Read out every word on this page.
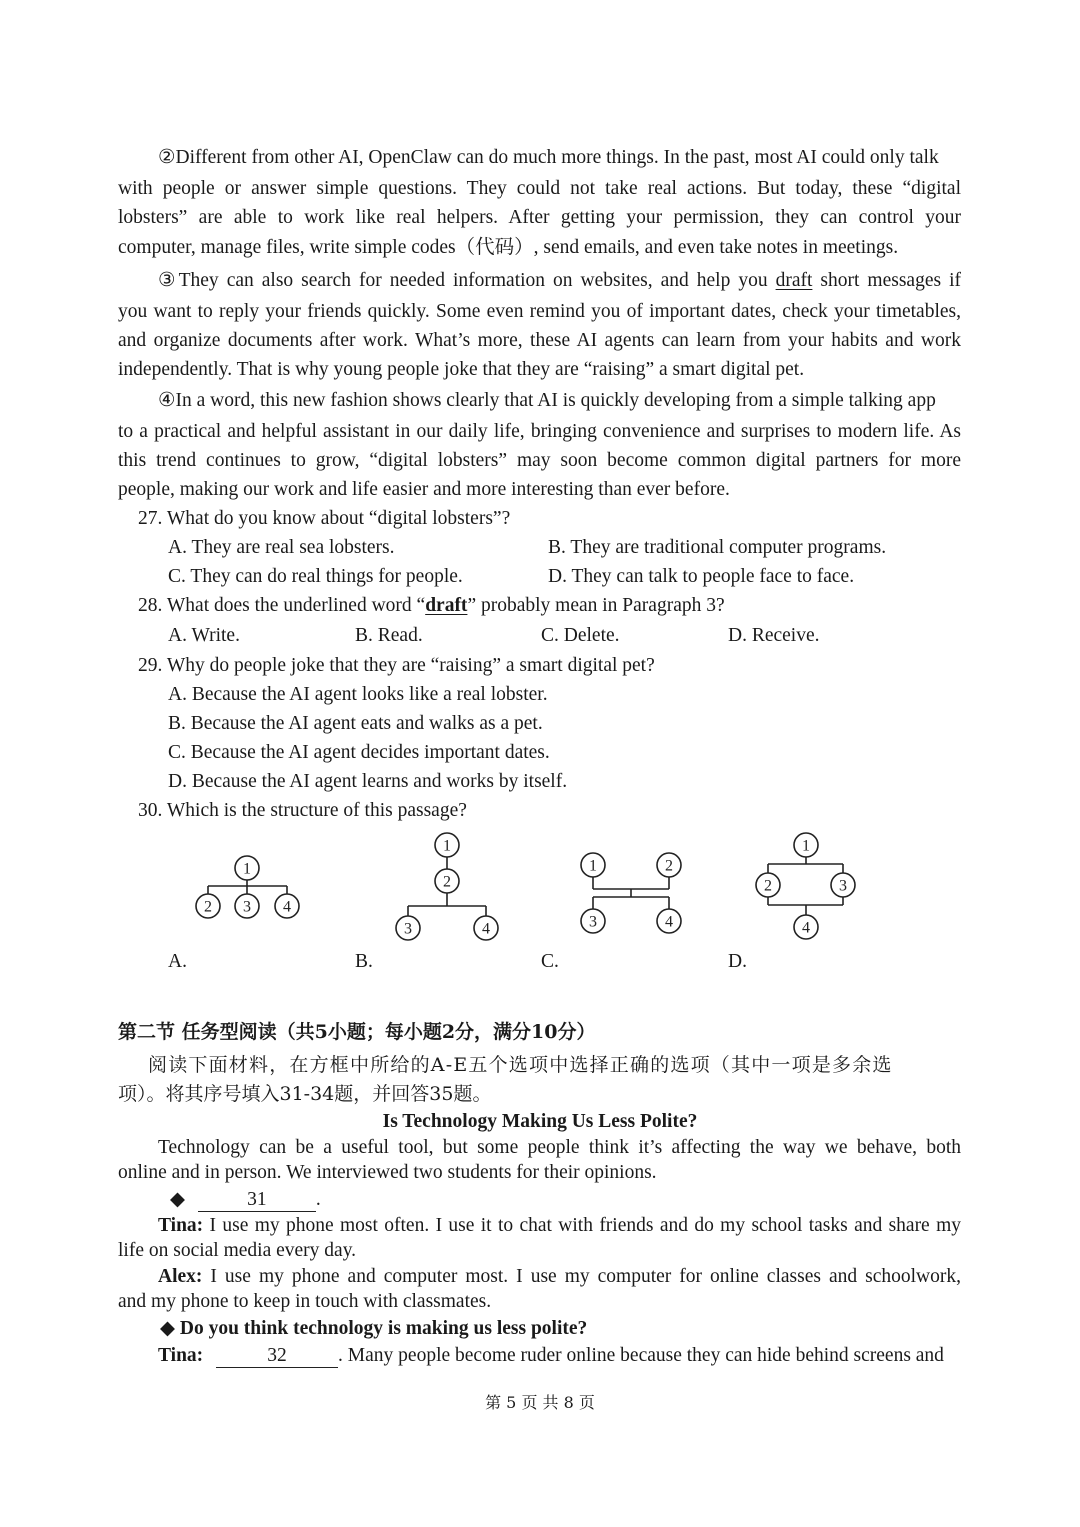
②Different from other AI, OpenClaw can do much more things. In the past, most AI could only talk
with people or answer simple questions. They could not take real actions. But today, these “digital
lobsters” are able to work like real helpers. After getting your permission, they can control your
computer, manage files, write simple codes（代码）, send emails, and even take notes in meetings.
③They can also search for needed information on websites, and help you draft short messages if
you want to reply your friends quickly. Some even remind you of important dates, check your timetables,
and organize documents after work. What’s more, these AI agents can learn from your habits and work
independently. That is why young people joke that they are “raising” a smart digital pet.
④In a word, this new fashion shows clearly that AI is quickly developing from a simple talking app
to a practical and helpful assistant in our daily life, bringing convenience and surprises to modern life. As
this trend continues to grow, “digital lobsters” may soon become common digital partners for more
people, making our work and life easier and more interesting than ever before.
27. What do you know about “digital lobsters”?
A. They are real sea lobsters.	B. They are traditional computer programs.
C. They can do real things for people.	D. They can talk to people face to face.
28. What does the underlined word “draft” probably mean in Paragraph 3?
A. Write.	B. Read.	C. Delete.	D. Receive.
29. Why do people joke that they are “raising” a smart digital pet?
A. Because the AI agent looks like a real lobster.
B. Because the AI agent eats and walks as a pet.
C. Because the AI agent decides important dates.
D. Because the AI agent learns and works by itself.
30. Which is the structure of this passage?
1
2 3 4
1
2
3	4
1	2
3	4
1
2	3
4
A.	B.	C.	D.
第二节 任务型阅读（共5小题；每小题2分，满分10分）
阅读下面材料，在方框中所给的A-E五个选项中选择正确的选项（其中一项是多余选
项）。将其序号填入31-34题，并回答35题。
Is Technology Making Us Less Polite?
Technology can be a useful tool, but some people think it’s affecting the way we behave, both
online and in person. We interviewed two students for their opinions.
◆	31	.
Tina: I use my phone most often. I use it to chat with friends and do my school tasks and share my
life on social media every day.
Alex: I use my phone and computer most. I use my computer for online classes and schoolwork,
and my phone to keep in touch with classmates.
◆ Do you think technology is making us less polite?
Tina:	32	. Many people become ruder online because they can hide behind screens and
第 5 页 共 8 页
